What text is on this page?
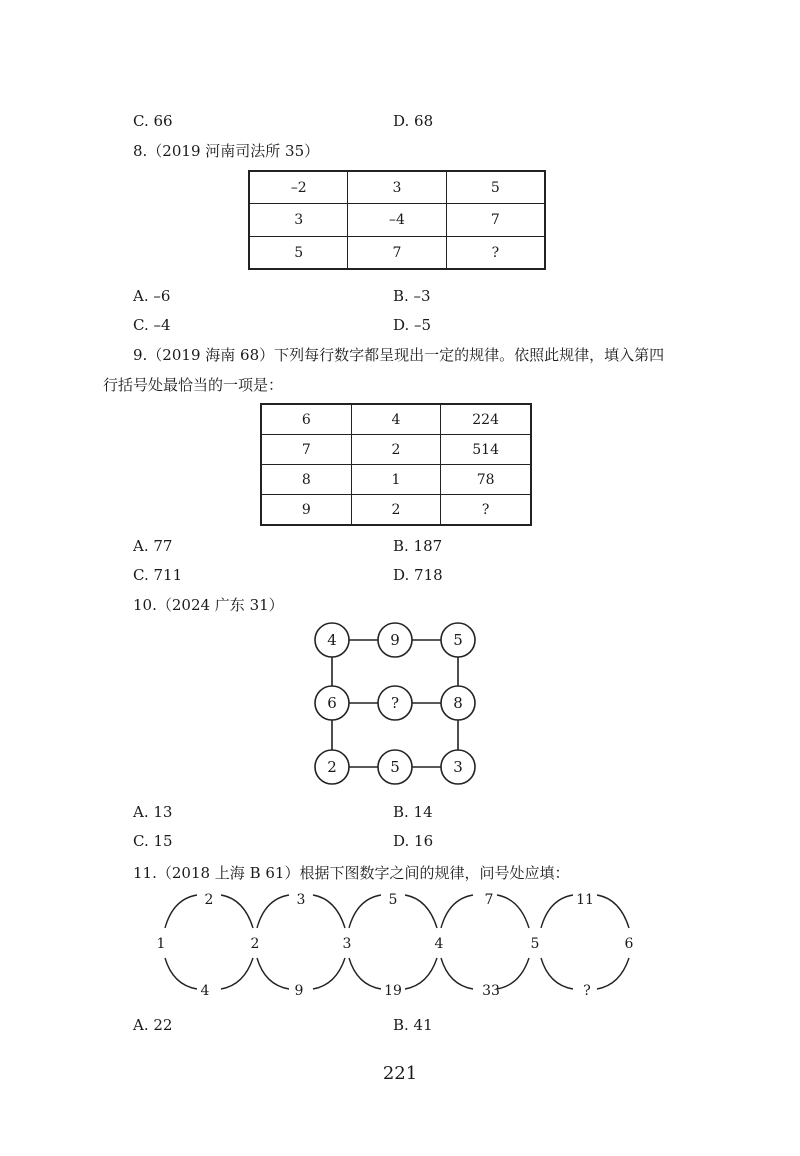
C. 66	D. 68
8.（2019 河南司法所 35）
–2	3	5
3	–4	7
5	7	?
A. –6	B. –3
C. –4	D. –5
9.（2019 海南 68）下列每行数字都呈现出一定的规律。依照此规律，填入第四
行括号处最恰当的一项是：
6	4	224
7	2	514
8	1	78
9	2	?
A. 77	B. 187
C. 711	D. 718
10.（2024 广东 31）
4	9	5
6	?	8
2	5	3
A. 13	B. 14
C. 15	D. 16
11.（2018 上海 B 61）根据下图数字之间的规律，问号处应填：
1	2	3	4	5	6
2	3	5	7	11
4	9	19	33	?
A. 22	B. 41
221
